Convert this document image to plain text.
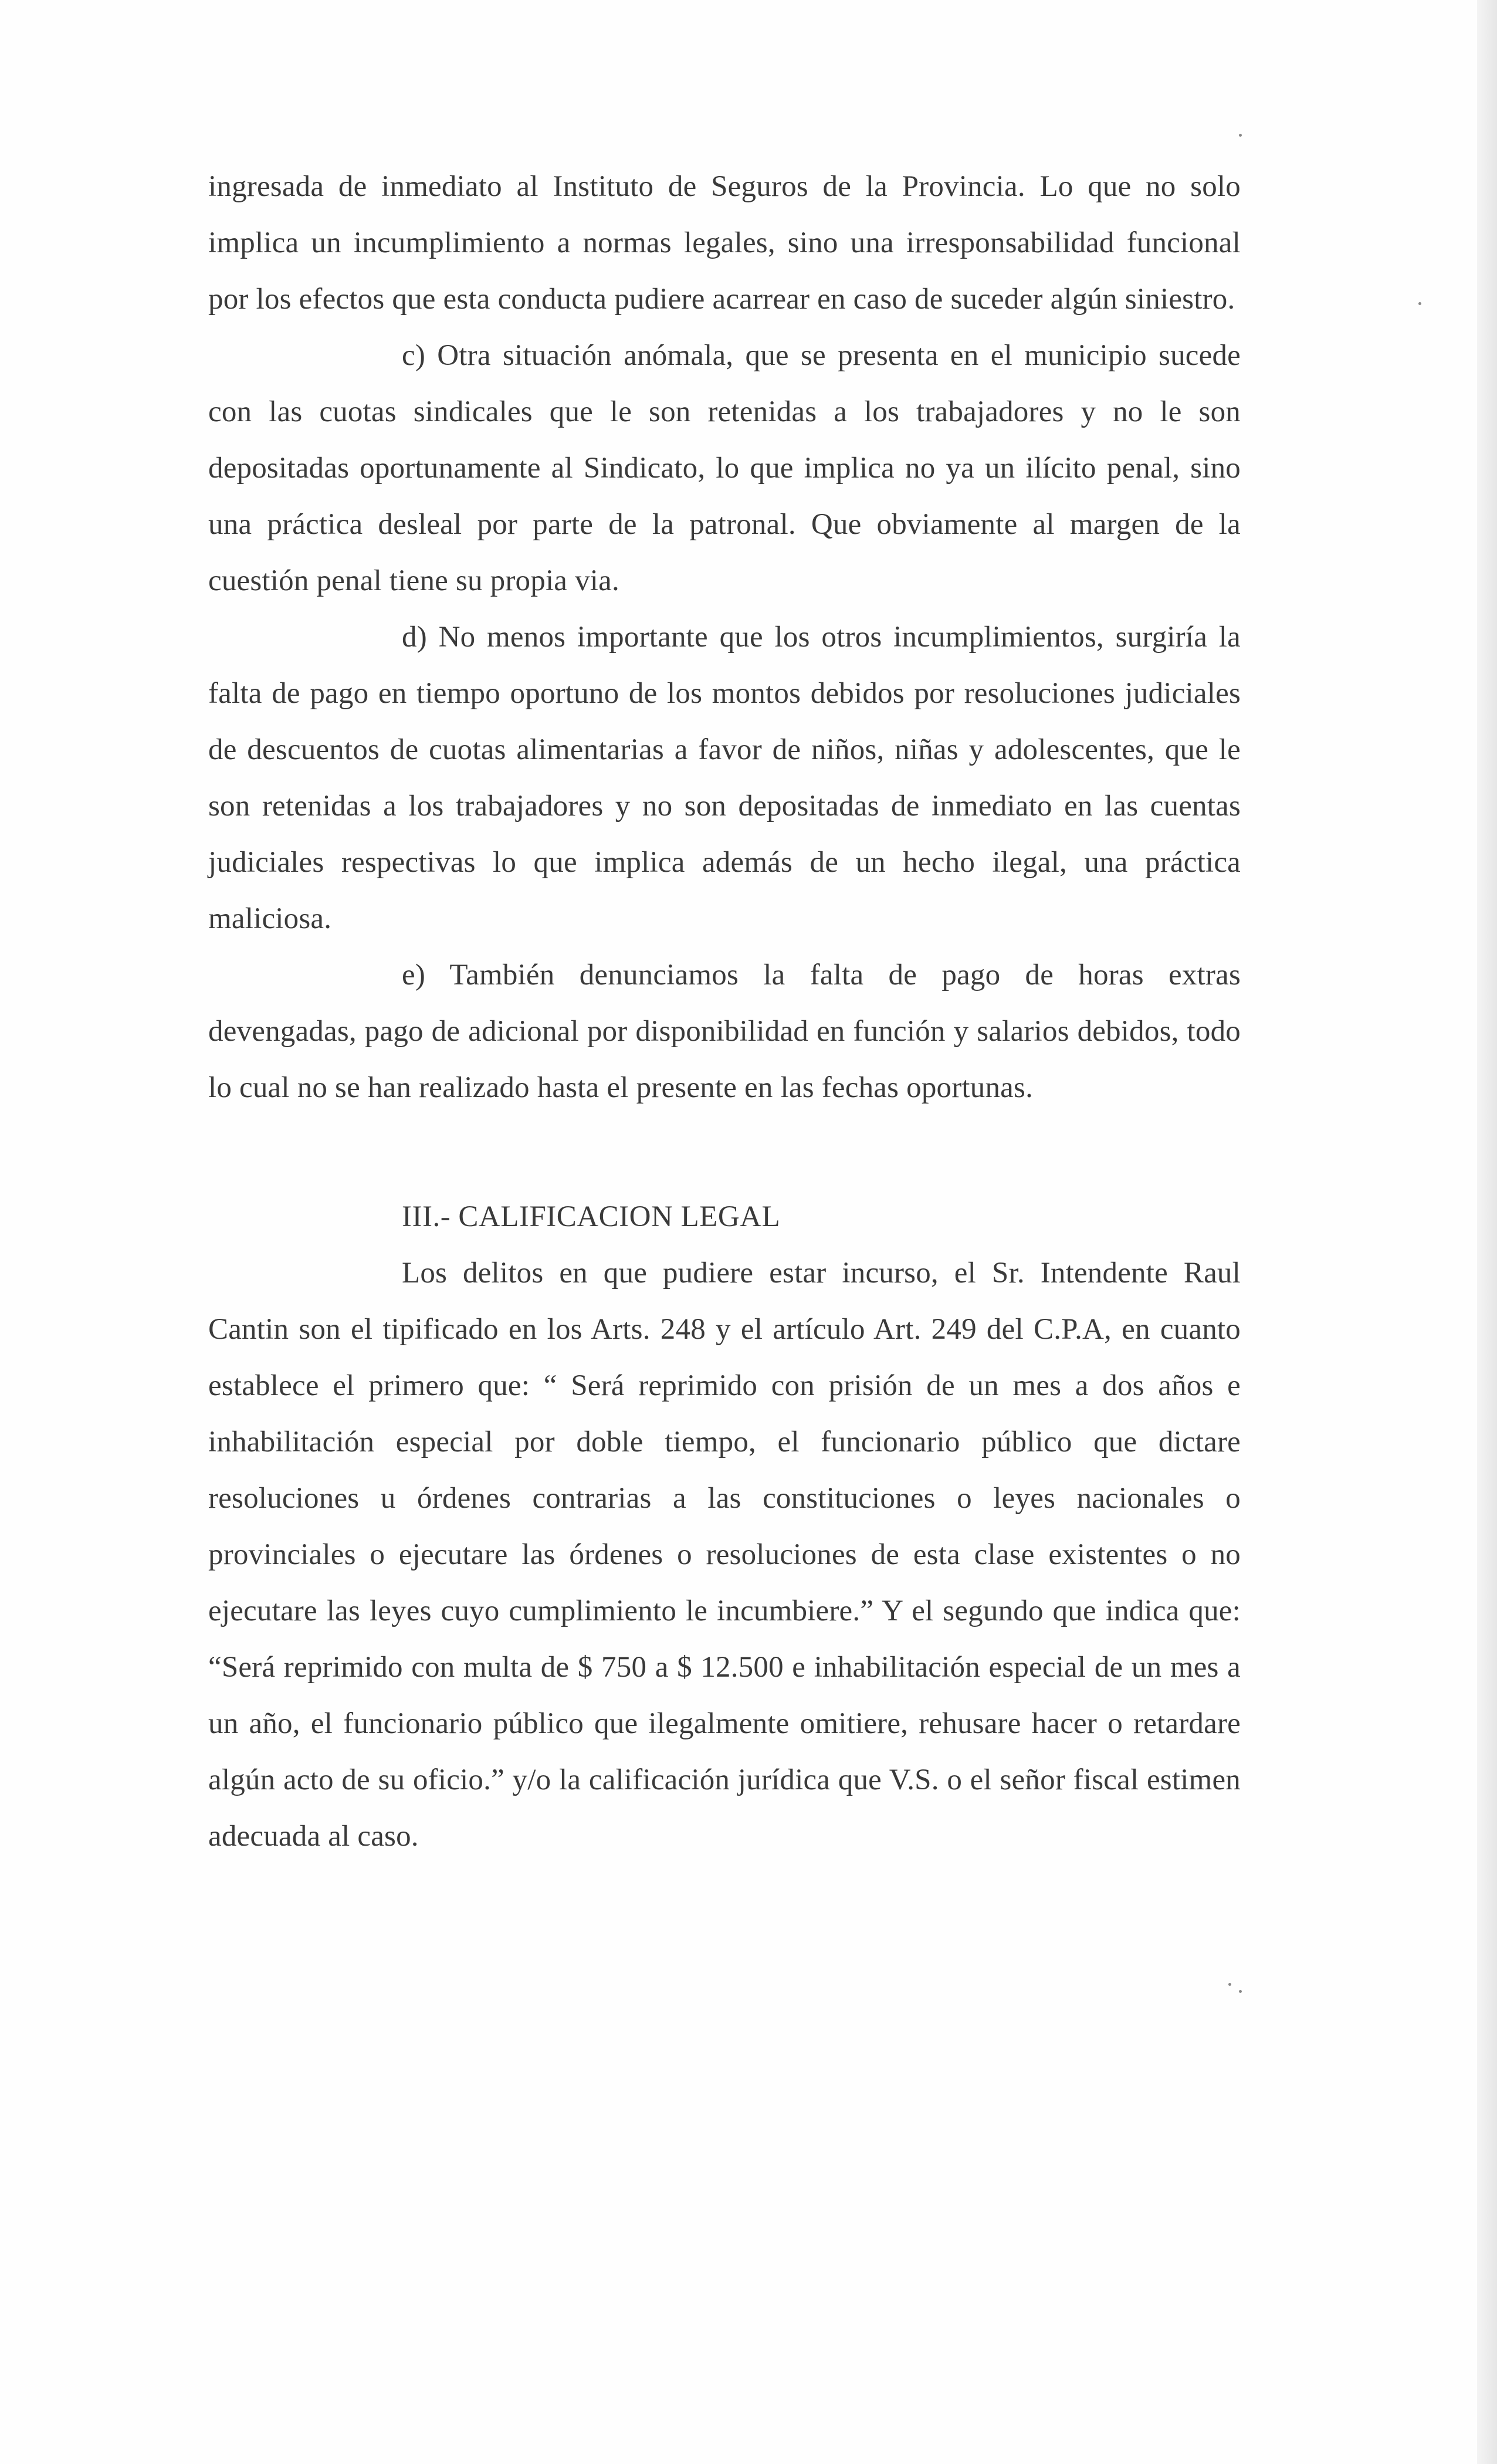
ingresada de inmediato al Instituto de Seguros de la Provincia. Lo que no solo implica un incumplimiento a normas legales, sino una irresponsabilidad funcional por los efectos que esta conducta pudiere acarrear en caso de suceder algún siniestro.

c) Otra situación anómala, que se presenta en el municipio sucede con las cuotas sindicales que le son retenidas a los trabajadores y no le son depositadas oportunamente al Sindicato, lo que implica no ya un ilícito penal, sino una práctica desleal por parte de la patronal. Que obviamente al margen de la cuestión penal tiene su propia via.

d) No menos importante que los otros incumplimientos, surgiría la falta de pago en tiempo oportuno de los montos debidos por resoluciones judiciales de descuentos de cuotas alimentarias a favor de niños, niñas y adolescentes, que le son retenidas a los trabajadores y no son depositadas de inmediato en las cuentas judiciales respectivas lo que implica además de un hecho ilegal, una práctica maliciosa.

e) También denunciamos la falta de pago de horas extras devengadas, pago de adicional por disponibilidad en función y salarios debidos, todo lo cual no se han realizado hasta el presente en las fechas oportunas.

III.- CALIFICACION LEGAL

Los delitos en que pudiere estar incurso, el Sr. Intendente Raul Cantin son el tipificado en los Arts. 248 y el artículo Art. 249 del C.P.A, en cuanto establece el primero que: “ Será reprimido con prisión de un mes a dos años e inhabilitación especial por doble tiempo, el funcionario público que dictare resoluciones u órdenes contrarias a las constituciones o leyes nacionales o provinciales o ejecutare las órdenes o resoluciones de esta clase existentes o no ejecutare las leyes cuyo cumplimiento le incumbiere.” Y el segundo que indica que: “Será reprimido con multa de $ 750 a $ 12.500 e inhabilitación especial de un mes a un año, el funcionario público que ilegalmente omitiere, rehusare hacer o retardare algún acto de su oficio.” y/o la calificación jurídica que V.S. o el señor fiscal estimen adecuada al caso.
